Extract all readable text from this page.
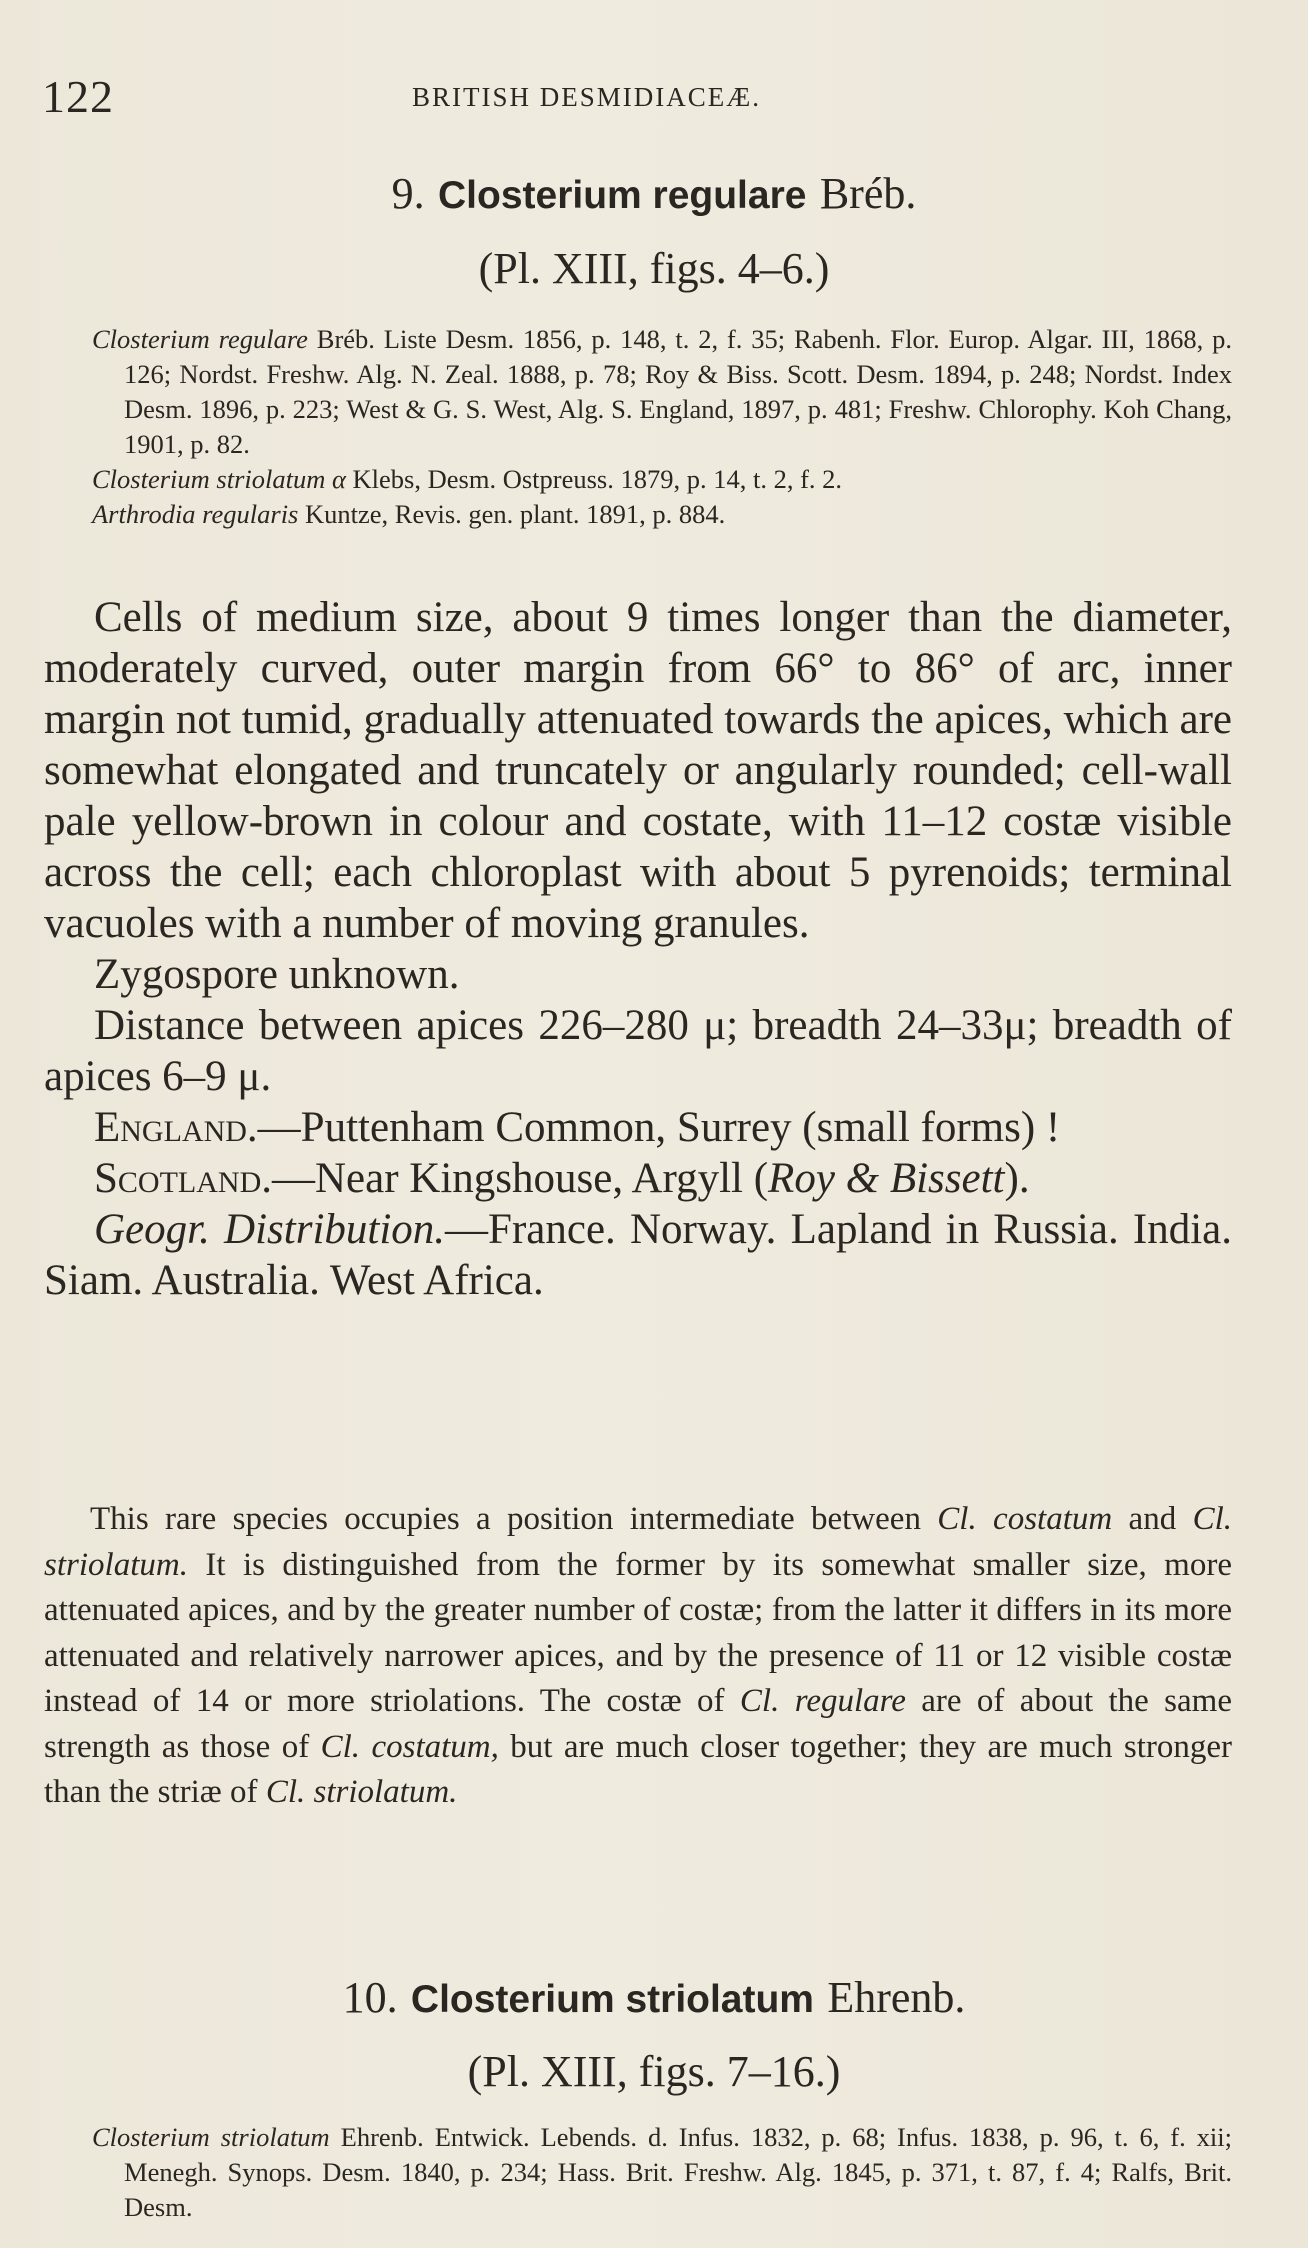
122	BRITISH DESMIDIACEÆ.
9. Closterium regulare Bréb.
(Pl. XIII, figs. 4–6.)

Closterium regulare Bréb. Liste Desm. 1856, p. 148, t. 2, f. 35; Rabenh. Flor. Europ. Algar. III, 1868, p. 126; Nordst. Freshw. Alg. N. Zeal. 1888, p. 78; Roy & Biss. Scott. Desm. 1894, p. 248; Nordst. Index Desm. 1896, p. 223; West & G. S. West, Alg. S. England, 1897, p. 481; Freshw. Chlorophy. Koh Chang, 1901, p. 82.

Closterium striolatum α Klebs, Desm. Ostpreuss. 1879, p. 14, t. 2, f. 2.

Arthrodia regularis Kuntze, Revis. gen. plant. 1891, p. 884.

Cells of medium size, about 9 times longer than the diameter, moderately curved, outer margin from 66° to 86° of arc, inner margin not tumid, gradually attenuated towards the apices, which are somewhat elongated and truncately or angularly rounded; cell-wall pale yellow-brown in colour and costate, with 11–12 costæ visible across the cell; each chloroplast with about 5 pyrenoids; terminal vacuoles with a number of moving granules.

Zygospore unknown.

Distance between apices 226–280 μ; breadth 24–33μ; breadth of apices 6–9 μ.

England.—Puttenham Common, Surrey (small forms) !

Scotland.—Near Kingshouse, Argyll (Roy & Bissett).

Geogr. Distribution.—France. Norway. Lapland in Russia. India. Siam. Australia. West Africa.

This rare species occupies a position intermediate between Cl. costatum and Cl. striolatum. It is distinguished from the former by its somewhat smaller size, more attenuated apices, and by the greater number of costæ; from the latter it differs in its more attenuated and relatively narrower apices, and by the presence of 11 or 12 visible costæ instead of 14 or more striolations. The costæ of Cl. regulare are of about the same strength as those of Cl. costatum, but are much closer together; they are much stronger than the striæ of Cl. striolatum.

10. Closterium striolatum Ehrenb.
(Pl. XIII, figs. 7–16.)

Closterium striolatum Ehrenb. Entwick. Lebends. d. Infus. 1832, p. 68; Infus. 1838, p. 96, t. 6, f. xii; Menegh. Synops. Desm. 1840, p. 234; Hass. Brit. Freshw. Alg. 1845, p. 371, t. 87, f. 4; Ralfs, Brit. Desm.
